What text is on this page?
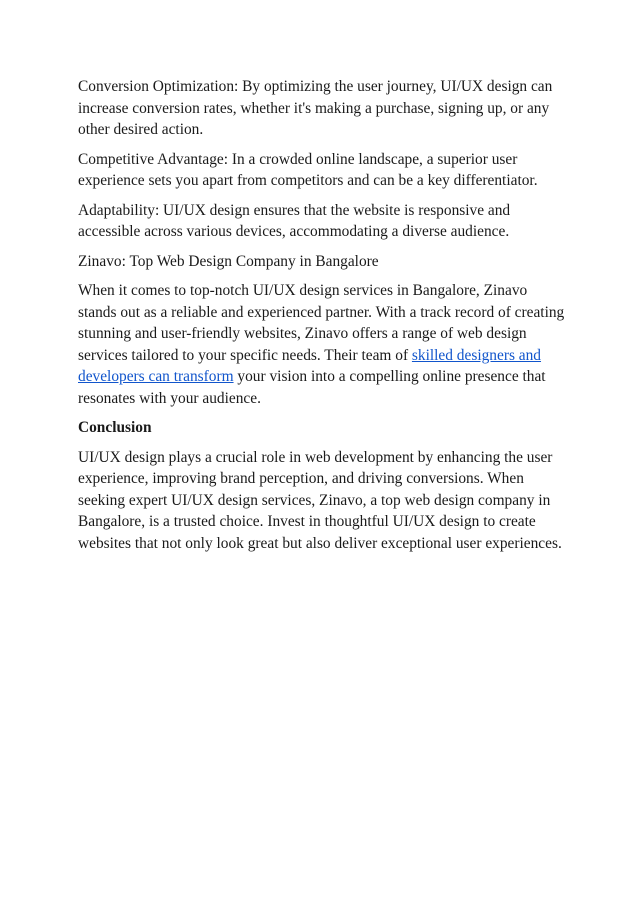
Conversion Optimization: By optimizing the user journey, UI/UX design can increase conversion rates, whether it's making a purchase, signing up, or any other desired action.

Competitive Advantage: In a crowded online landscape, a superior user experience sets you apart from competitors and can be a key differentiator.

Adaptability: UI/UX design ensures that the website is responsive and accessible across various devices, accommodating a diverse audience.

Zinavo: Top Web Design Company in Bangalore

When it comes to top-notch UI/UX design services in Bangalore, Zinavo stands out as a reliable and experienced partner. With a track record of creating stunning and user-friendly websites, Zinavo offers a range of web design services tailored to your specific needs. Their team of skilled designers and developers can transform your vision into a compelling online presence that resonates with your audience.

Conclusion

UI/UX design plays a crucial role in web development by enhancing the user experience, improving brand perception, and driving conversions. When seeking expert UI/UX design services, Zinavo, a top web design company in Bangalore, is a trusted choice. Invest in thoughtful UI/UX design to create websites that not only look great but also deliver exceptional user experiences.
